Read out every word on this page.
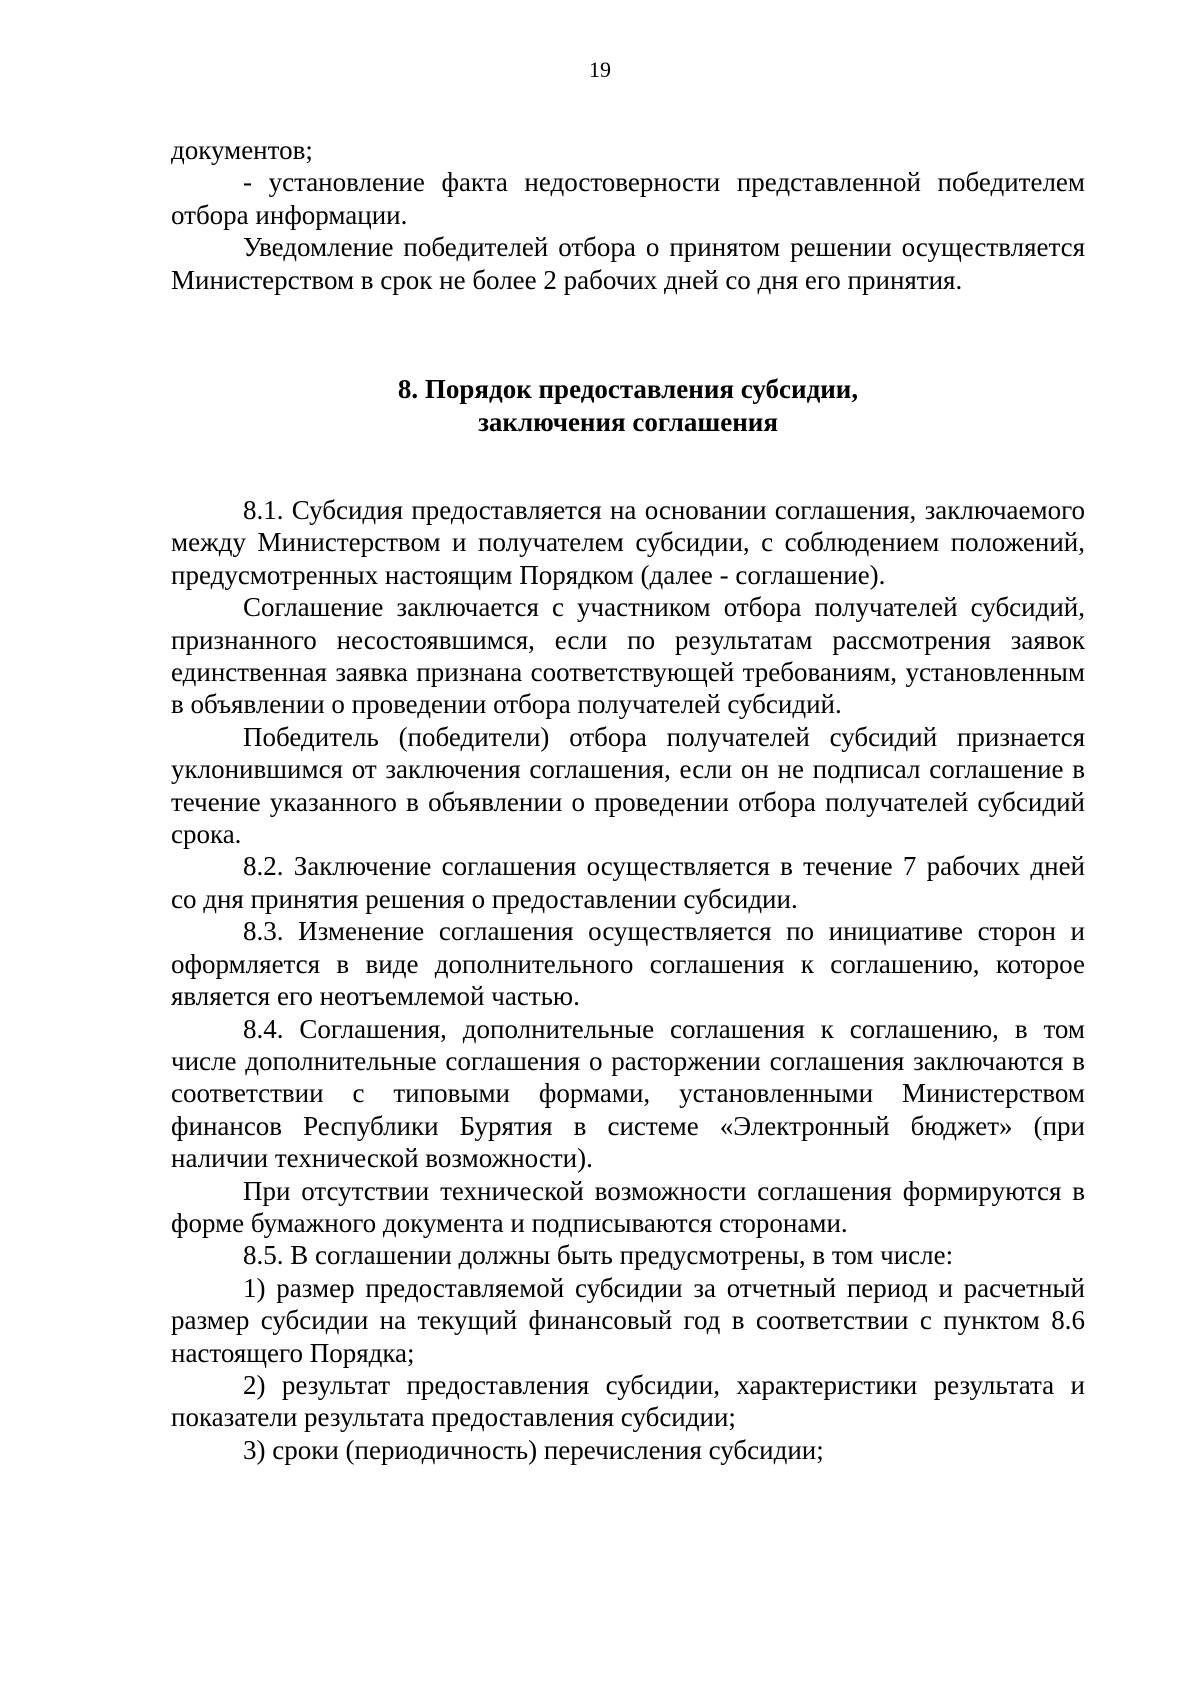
19

документов;

- установление факта недостоверности представленной победителем отбора информации.

Уведомление победителей отбора о принятом решении осуществляется Министерством в срок не более 2 рабочих дней со дня его принятия.

8. Порядок предоставления субсидии,
заключения соглашения

8.1. Субсидия предоставляется на основании соглашения, заключаемого между Министерством и получателем субсидии, с соблюдением положений, предусмотренных настоящим Порядком (далее - соглашение).

Соглашение заключается с участником отбора получателей субсидий, признанного несостоявшимся, если по результатам рассмотрения заявок единственная заявка признана соответствующей требованиям, установленным в объявлении о проведении отбора получателей субсидий.

Победитель (победители) отбора получателей субсидий признается уклонившимся от заключения соглашения, если он не подписал соглашение в течение указанного в объявлении о проведении отбора получателей субсидий срока.

8.2. Заключение соглашения осуществляется в течение 7 рабочих дней со дня принятия решения о предоставлении субсидии.

8.3. Изменение соглашения осуществляется по инициативе сторон и оформляется в виде дополнительного соглашения к соглашению, которое является его неотъемлемой частью.

8.4. Соглашения, дополнительные соглашения к соглашению, в том числе дополнительные соглашения о расторжении соглашения заключаются в соответствии с типовыми формами, установленными Министерством финансов Республики Бурятия в системе «Электронный бюджет» (при наличии технической возможности).

При отсутствии технической возможности соглашения формируются в форме бумажного документа и подписываются сторонами.

8.5. В соглашении должны быть предусмотрены, в том числе:

1) размер предоставляемой субсидии за отчетный период и расчетный размер субсидии на текущий финансовый год в соответствии с пунктом 8.6 настоящего Порядка;

2) результат предоставления субсидии, характеристики результата и показатели результата предоставления субсидии;

3) сроки (периодичность) перечисления субсидии;
